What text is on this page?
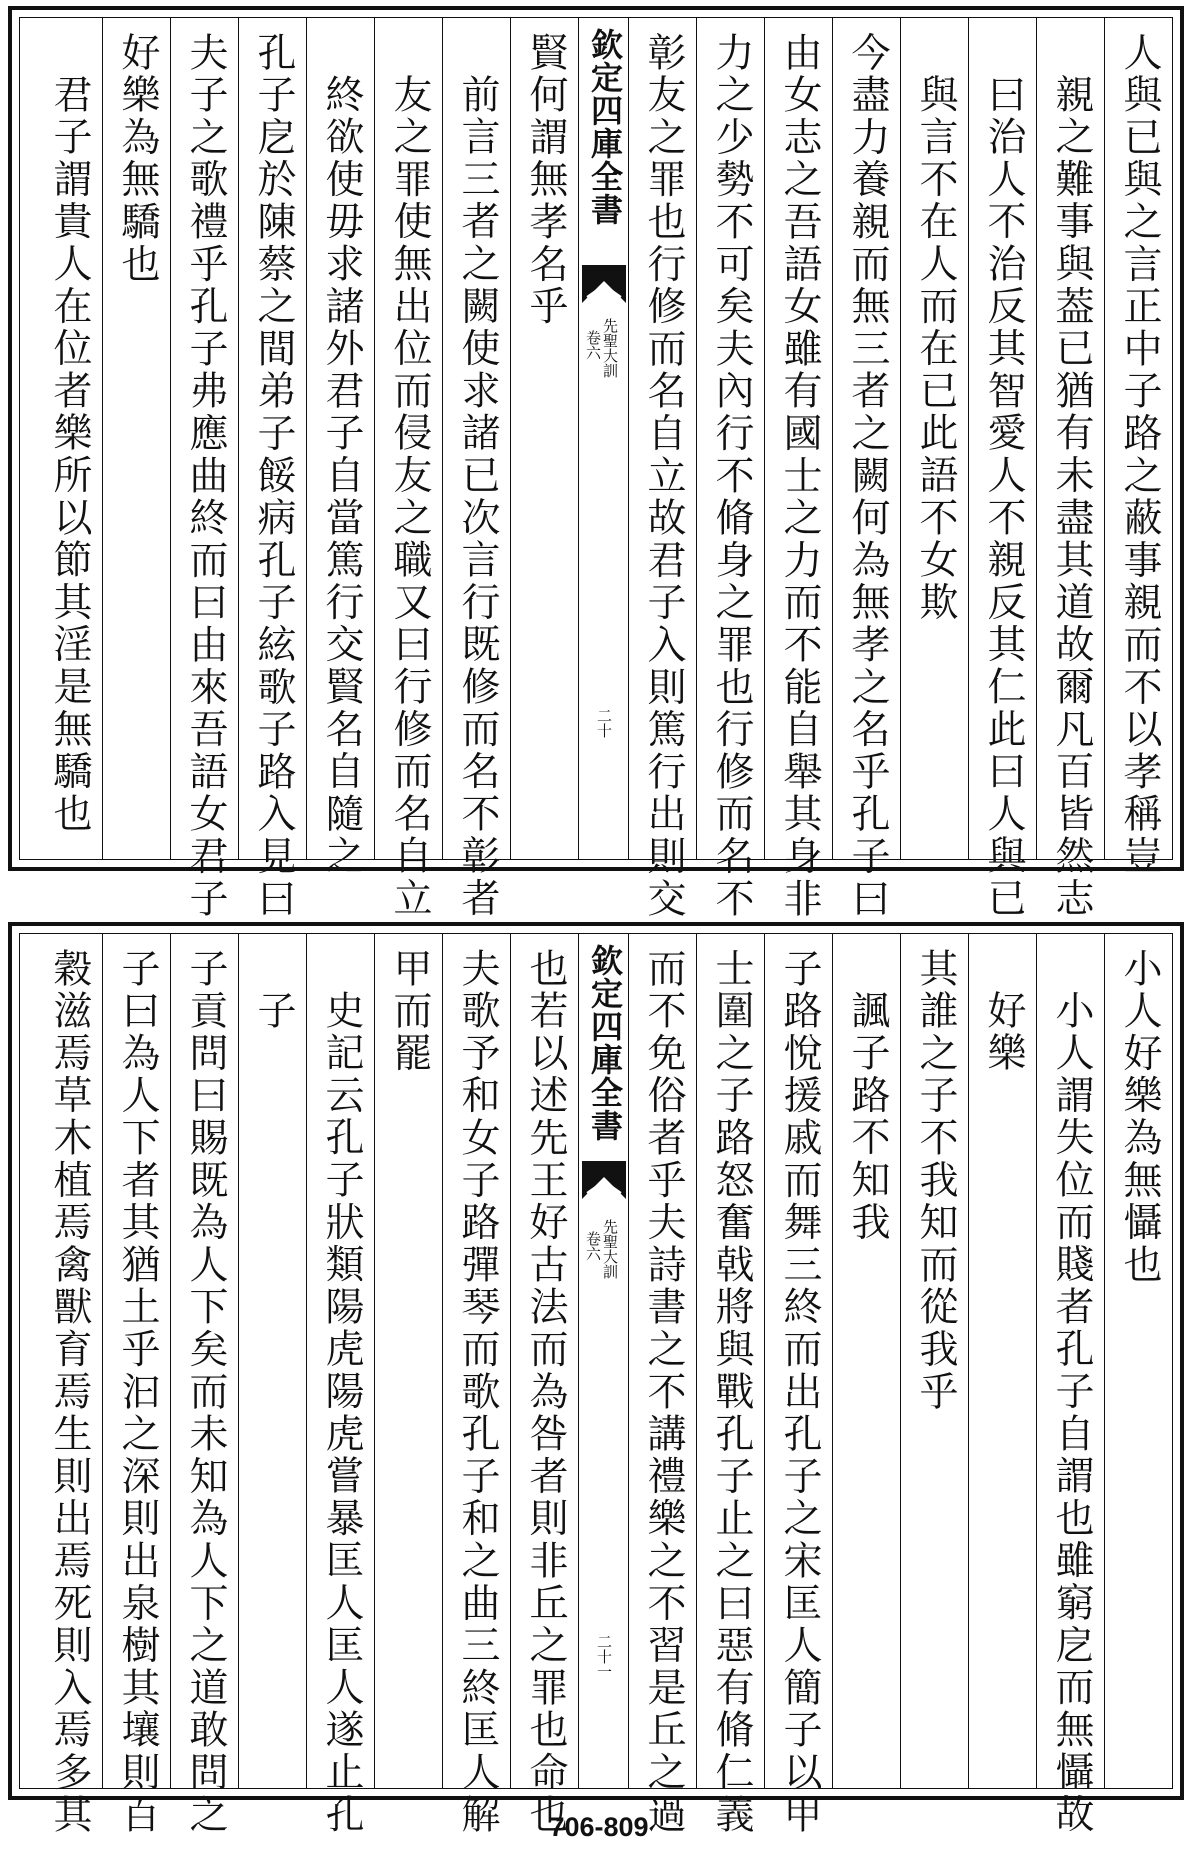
人與已與之言正中子路之蔽事親而不以孝稱豈
親之難事與葢已猶有未盡其道故爾凡百皆然志
曰治人不治反其智愛人不親反其仁此曰人與已
與言不在人而在已此語不女欺
今盡力養親而無三者之闕何為無孝之名乎孔子曰
由女志之吾語女雖有國士之力而不能自舉其身非
力之少勢不可矣夫內行不脩身之罪也行修而名不
彰友之罪也行修而名自立故君子入則篤行出則交
欽定四庫全書
先聖大訓
卷六
二十
賢何謂無孝名乎
前言三者之闕使求諸已次言行既修而名不彰者
友之罪使無出位而侵友之職又曰行修而名自立
終欲使毋求諸外君子自當篤行交賢名自隨之
孔子戹於陳蔡之間弟子餒病孔子絃歌子路入見曰
夫子之歌禮乎孔子弗應曲終而曰由來吾語女君子
好樂為無驕也
君子謂貴人在位者樂所以節其淫是無驕也
小人好樂為無懾也
小人謂失位而賤者孔子自謂也雖窮戹而無懾故
好樂
其誰之子不我知而從我乎
諷子路不知我
子路悅援戚而舞三終而出孔子之宋匡人簡子以甲
士圍之子路怒奮戟將與戰孔子止之曰惡有脩仁義
而不免俗者乎夫詩書之不講禮樂之不習是丘之過
欽定四庫全書
先聖大訓
卷六
二十一
也若以述先王好古法而為咎者則非丘之罪也命也
夫歌予和女子路彈琴而歌孔子和之曲三終匡人解
甲而罷
史記云孔子狀類陽虎陽虎嘗暴匡人匡人遂止孔
子
子貢問曰賜既為人下矣而未知為人下之道敢問之
子曰為人下者其猶土乎汩之深則出泉樹其壤則百
穀滋焉草木植焉禽獸育焉生則出焉死則入焉多其	706-809
